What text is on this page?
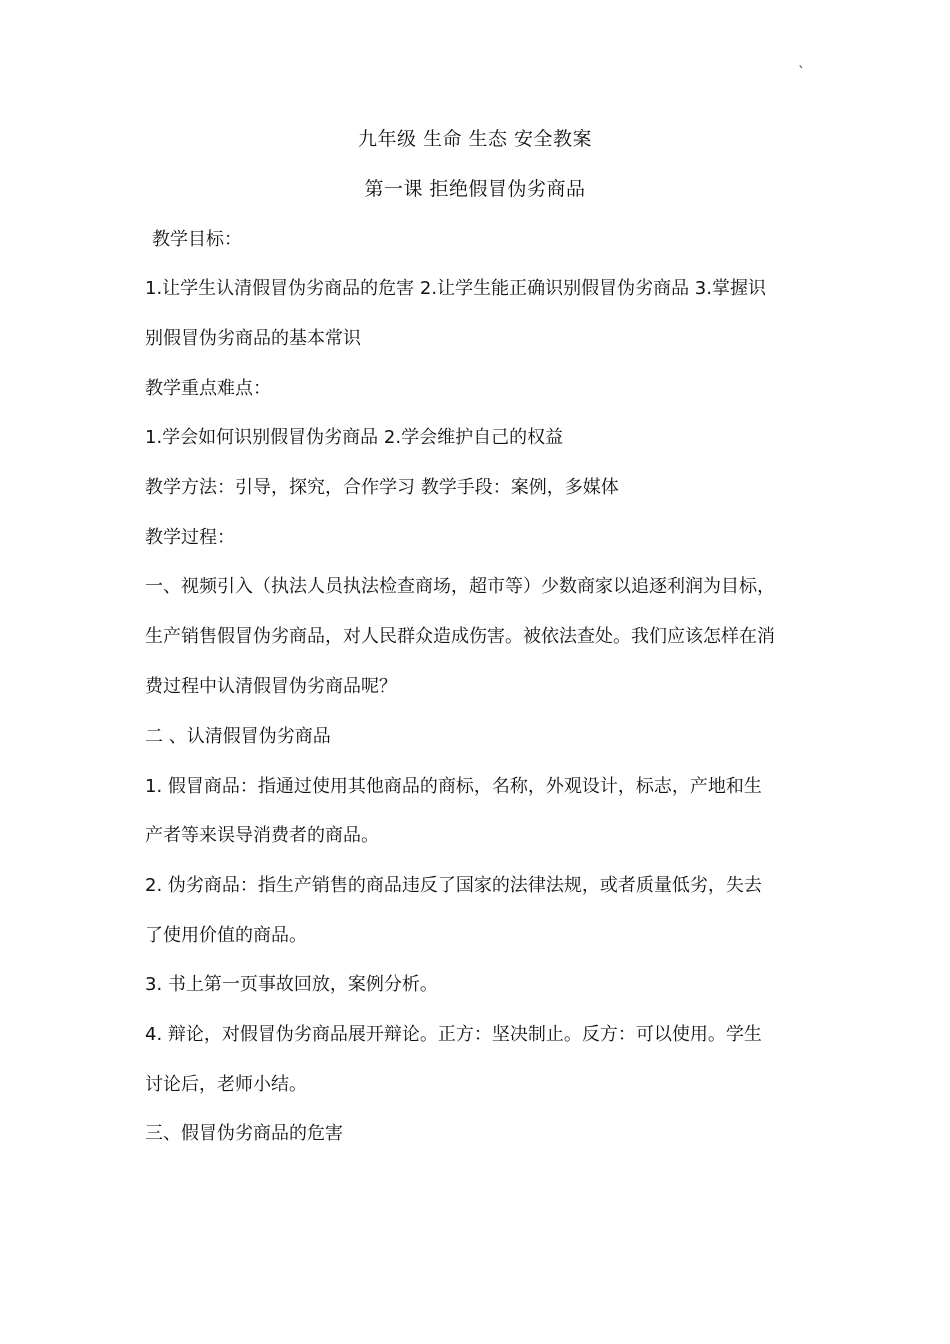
`
九年级 生命 生态 安全教案
第一课 拒绝假冒伪劣商品
教学目标：
1.让学生认清假冒伪劣商品的危害 2.让学生能正确识别假冒伪劣商品 3.掌握识
别假冒伪劣商品的基本常识
教学重点难点：
1.学会如何识别假冒伪劣商品 2.学会维护自己的权益
教学方法：引导，探究，合作学习 教学手段：案例，多媒体
教学过程：
一、视频引入（执法人员执法检查商场，超市等）少数商家以追逐利润为目标，
生产销售假冒伪劣商品，对人民群众造成伤害。被依法查处。我们应该怎样在消
费过程中认清假冒伪劣商品呢？
二 、认清假冒伪劣商品
1. 假冒商品：指通过使用其他商品的商标，名称，外观设计，标志，产地和生
产者等来误导消费者的商品。
2. 伪劣商品：指生产销售的商品违反了国家的法律法规，或者质量低劣，失去
了使用价值的商品。
3. 书上第一页事故回放，案例分析。
4. 辩论，对假冒伪劣商品展开辩论。正方：坚决制止。反方：可以使用。学生
讨论后，老师小结。
三、假冒伪劣商品的危害
